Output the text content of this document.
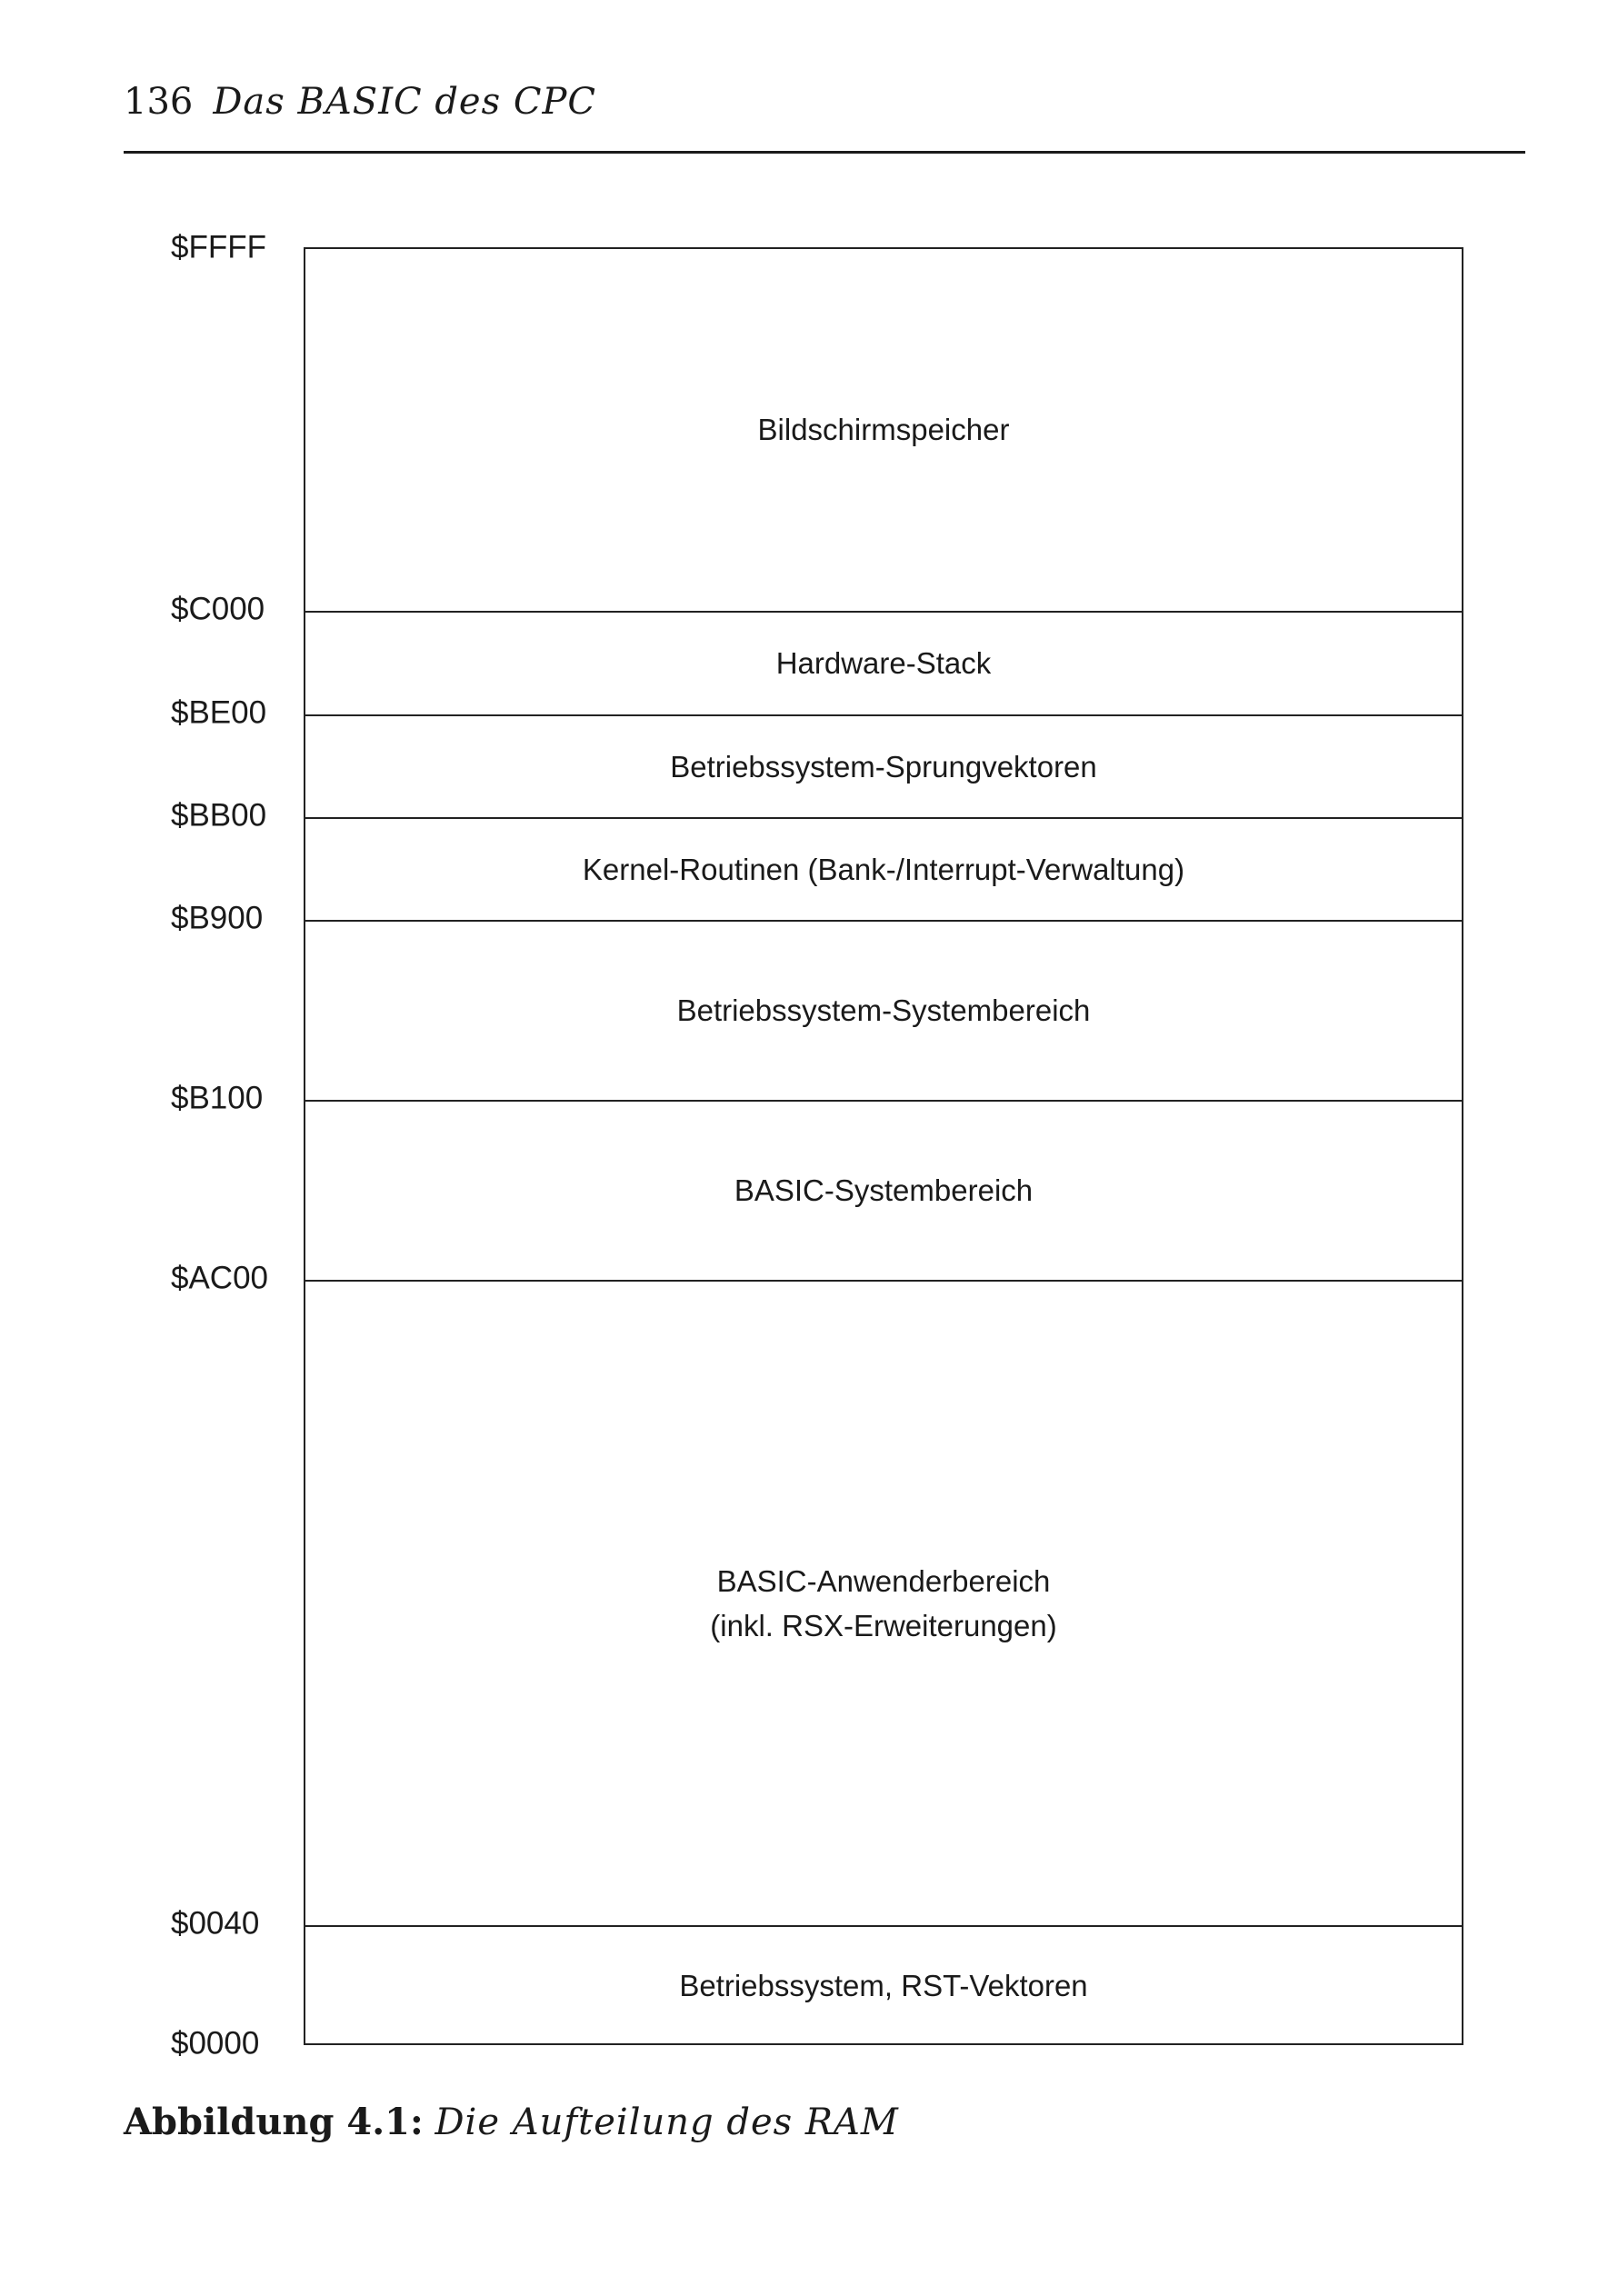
136 Das BASIC des CPC
Bildschirmspeicher
Hardware-Stack
Betriebssystem-Sprungvektoren
Kernel-Routinen (Bank-/Interrupt-Verwaltung)
Betriebssystem-Systembereich
BASIC-Systembereich
BASIC-Anwenderbereich
(inkl. RSX-Erweiterungen)
Betriebssystem, RST-Vektoren
$FFFF
$C000
$BE00
$BB00
$B900
$B100
$AC00
$0040
$0000
Abbildung 4.1: Die Aufteilung des RAM
